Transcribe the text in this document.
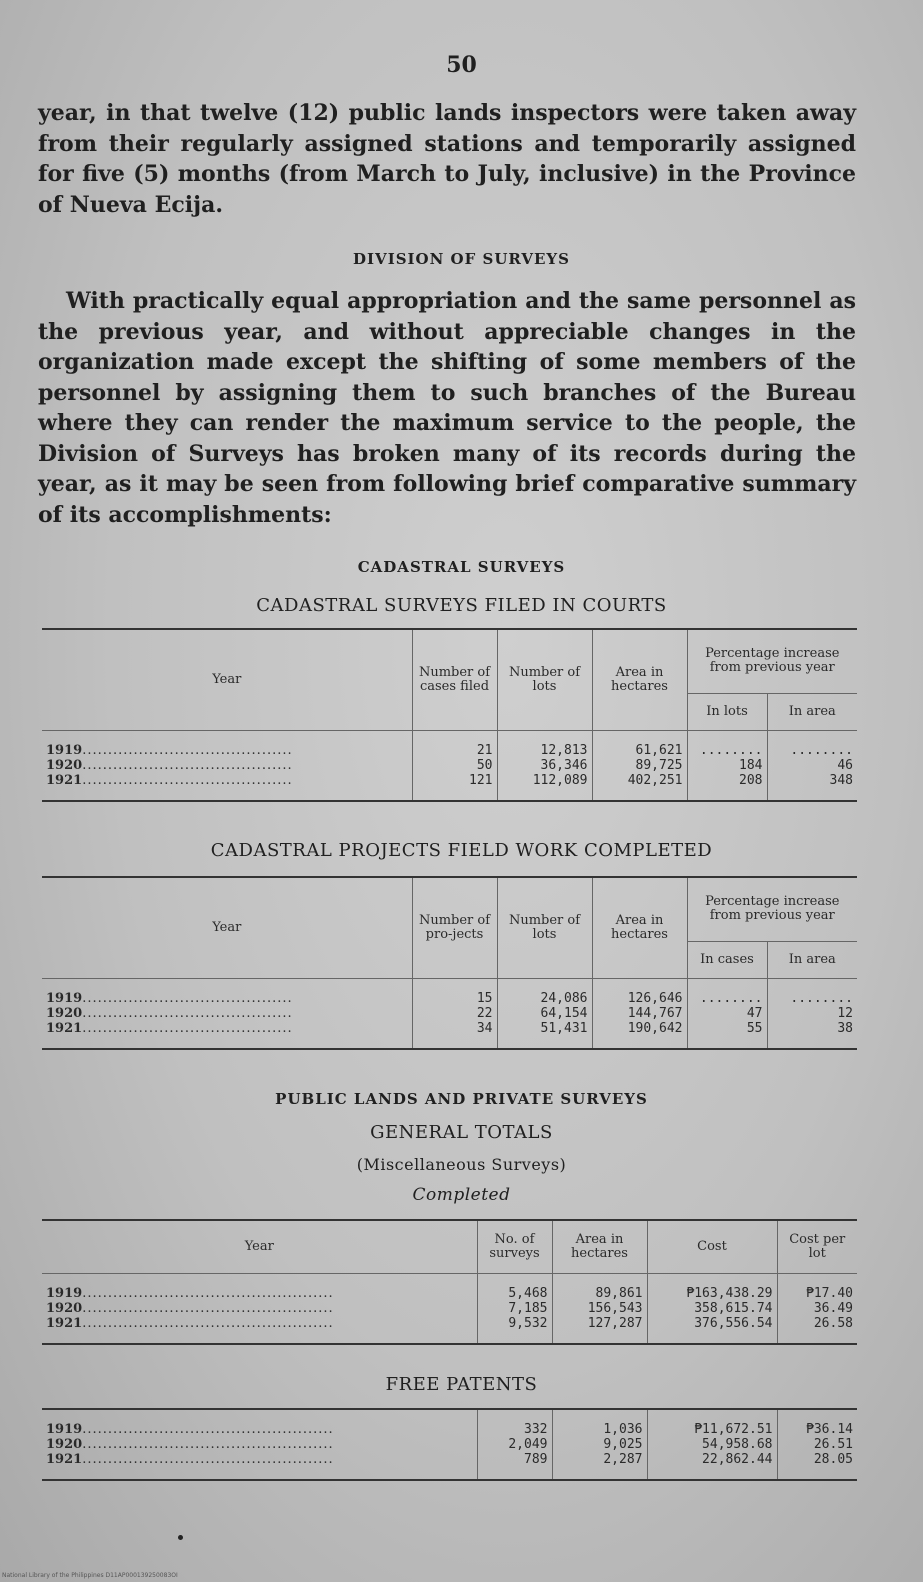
50
year, in that twelve (12) public lands inspectors were taken away from their regularly assigned stations and temporarily assigned for five (5) months (from March to July, inclusive) in the Province of Nueva Ecija.
DIVISION OF SURVEYS
With practically equal appropriation and the same personnel as the previous year, and without appreciable changes in the organization made except the shifting of some members of the personnel by assigning them to such branches of the Bureau where they can render the maximum service to the people, the Division of Surveys has broken many of its records during the year, as it may be seen from following brief comparative summary of its accomplishments:
CADASTRAL SURVEYS
CADASTRAL SURVEYS FILED IN COURTS
Year	Number of cases filed	Number of lots	Area in hectares	Percentage increase from previous year	
				In lots	In area
1919.........................................	21	12,813	61,621	........	........
1920.........................................	50	36,346	89,725	184	46
1921.........................................	121	112,089	402,251	208	348
CADASTRAL PROJECTS FIELD WORK COMPLETED
Year	Number of pro-jects	Number of lots	Area in hectares	Percentage increase from previous year	
				In cases	In area
1919.........................................	15	24,086	126,646	........	........
1920.........................................	22	64,154	144,767	47	12
1921.........................................	34	51,431	190,642	55	38
PUBLIC LANDS AND PRIVATE SURVEYS
GENERAL TOTALS
(Miscellaneous Surveys)
Completed
Year	No. of surveys	Area in hectares	Cost	Cost per lot
1919.................................................	5,468	89,861	₱163,438.29	₱17.40
1920.................................................	7,185	156,543	358,615.74	36.49
1921.................................................	9,532	127,287	376,556.54	26.58
FREE PATENTS
1919.................................................	332	1,036	₱11,672.51	₱36.14
1920.................................................	2,049	9,025	54,958.68	26.51
1921.................................................	789	2,287	22,862.44	28.05
National Library of the Philippines D11AP000139250083OI
